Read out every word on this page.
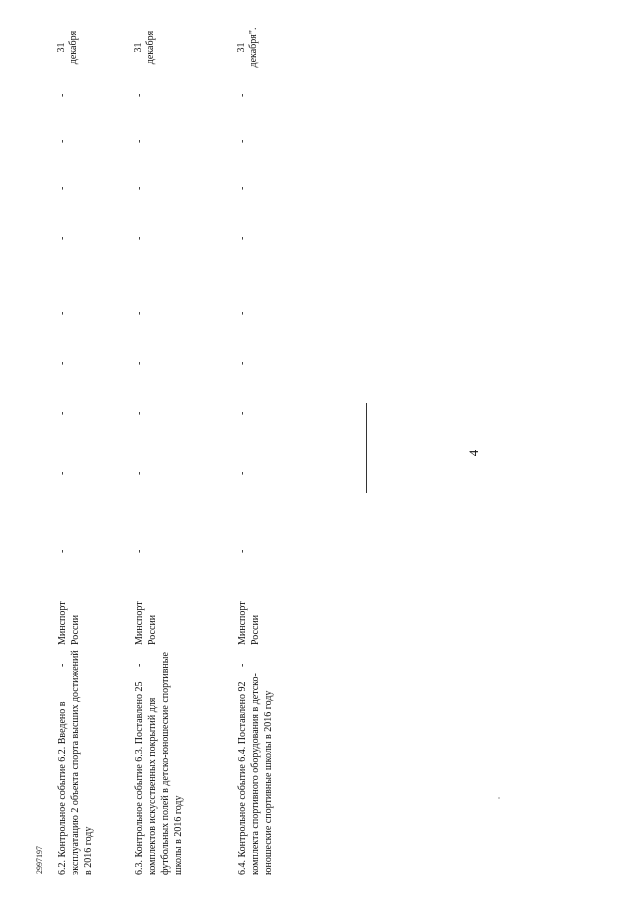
4
2997197 6.2. Контрольное событие 6.2. Введено в эксплуатацию 2 объекта спорта высших достижений в 2016 году
-
Минспорт России
-
-
-
-
-
-
-
-
-
31 декабря
6.3. Контрольное событие 6.3. Поставлено 25 комплектов искусственных покрытий для футбольных полей в детско-юношеские спортивные школы в 2016 году
-
Минспорт России
-
-
-
-
-
-
-
-
-
31 декабря
6.4. Контрольное событие 6.4. Поставлено 92 комплекта спортивного оборудования в детско-юношеские спортивные школы в 2016 году
-
Минспорт России
-
-
-
-
-
-
-
-
-
31 декабря".
